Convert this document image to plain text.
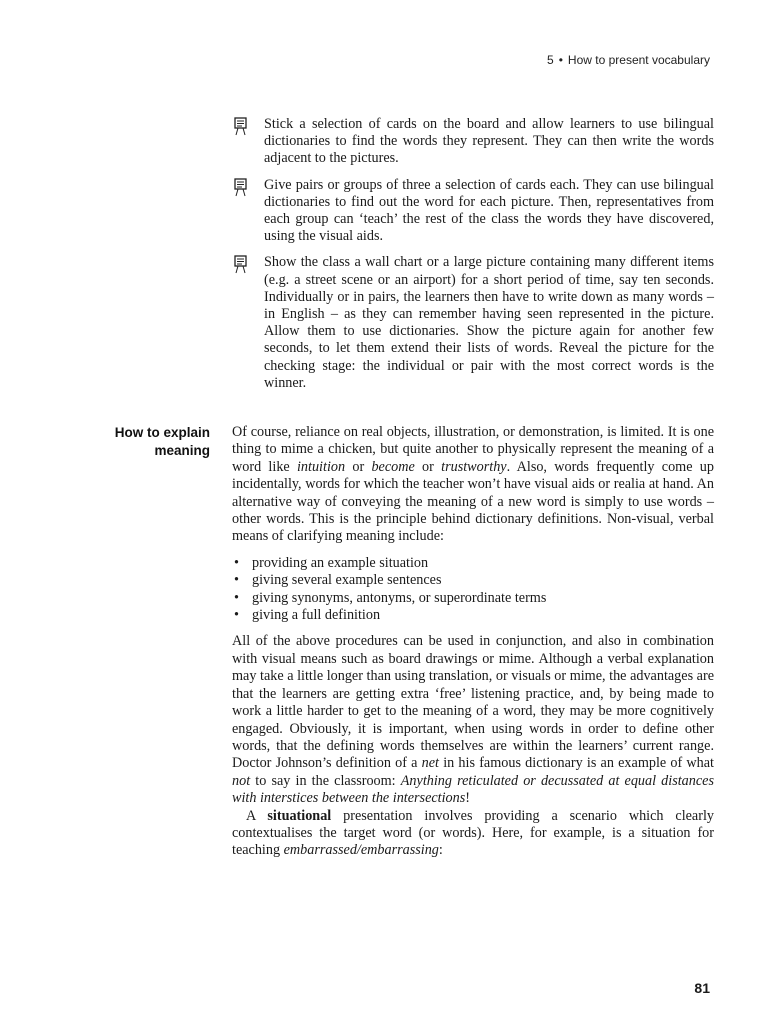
5 • How to present vocabulary
Stick a selection of cards on the board and allow learners to use bilingual dictionaries to find the words they represent. They can then write the words adjacent to the pictures.
Give pairs or groups of three a selection of cards each. They can use bilingual dictionaries to find out the word for each picture. Then, representatives from each group can ‘teach’ the rest of the class the words they have discovered, using the visual aids.
Show the class a wall chart or a large picture containing many different items (e.g. a street scene or an airport) for a short period of time, say ten seconds. Individually or in pairs, the learners then have to write down as many words – in English – as they can remember having seen represented in the picture. Allow them to use dictionaries. Show the picture again for another few seconds, to let them extend their lists of words. Reveal the picture for the checking stage: the individual or pair with the most correct words is the winner.
How to explain
meaning

Of course, reliance on real objects, illustration, or demonstration, is limited. It is one thing to mime a chicken, but quite another to physically represent the meaning of a word like intuition or become or trustworthy. Also, words frequently come up incidentally, words for which the teacher won’t have visual aids or realia at hand. An alternative way of conveying the meaning of a new word is simply to use words – other words. This is the principle behind dictionary definitions. Non-visual, verbal means of clarifying meaning include:

• providing an example situation
• giving several example sentences
• giving synonyms, antonyms, or superordinate terms
• giving a full definition

All of the above procedures can be used in conjunction, and also in combination with visual means such as board drawings or mime. Although a verbal explanation may take a little longer than using translation, or visuals or mime, the advantages are that the learners are getting extra ‘free’ listening practice, and, by being made to work a little harder to get to the meaning of a word, they may be more cognitively engaged. Obviously, it is important, when using words in order to define other words, that the defining words themselves are within the learners’ current range. Doctor Johnson’s definition of a net in his famous dictionary is an example of what not to say in the classroom: Anything reticulated or decussated at equal distances with interstices between the intersections!

A situational presentation involves providing a scenario which clearly contextualises the target word (or words). Here, for example, is a situation for teaching embarrassed/embarrassing:

81
